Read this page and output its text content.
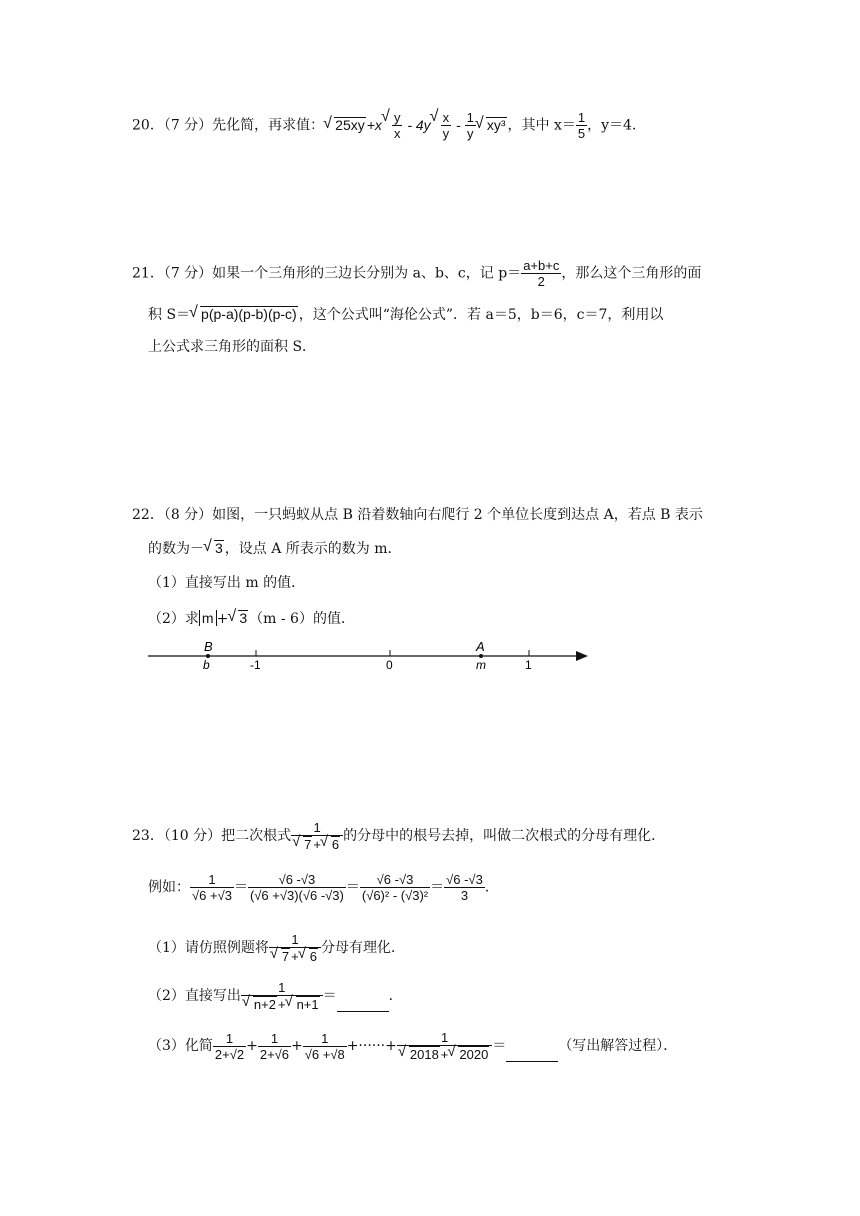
20．（7 分）先化简，再求值： √ 25xy +x √ $\frac{y}{x} - 4y$ √ $\frac{x}{y} - \frac{1}{y}$ √ xy³ ，其中 $x= \frac{1}{5}$ ，y＝4．
21．（7 分）如果一个三角形的三边长分别为 a、b、c，记 $p= \frac{a+b+c}{2}$ ，那么这个三角形的面
积 S＝ √ p(p-a)(p-b)(p-c) ，这个公式叫“海伦公式”．若 a＝5，b＝6，c＝7，利用以
上公式求三角形的面积 S．
22．（8 分）如图，一只蚂蚁从点 B 沿着数轴向右爬行 2 个单位长度到达点 A，若点 B 表示
的数为－ √ 3 ，设点 A 所表示的数为 m．
（1）直接写出 m 的值．
（2）求 m + √ 3 （m - 6）的值．
B
b	-1	0
A
m	1
23．（10 分）把二次根式 1
√ 7 + √ 6 的分母中的根号去掉，叫做二次根式的分母有理化．
例如： $\frac{1}{√6 +√3} = \frac{√6 -√3}{(√6 +√3)(√6 -√3)} = \frac{√6 -√3}{\text{(√6)² - (√3)²}} = \frac{√6 -√3}{3}$ .
（1）请仿照例题将 1
√ 7 + √ 6 分母有理化．
（2）直接写出 1
√ n+2 + √ n+1 ＝	．
（3）化简 $\frac{1}{2+√2} + \frac{1}{2+√6} + \frac{1}{√6 +√8}$ +······+ 1
√ 2018 + √ 2020 ＝	（写出解答过程）．
